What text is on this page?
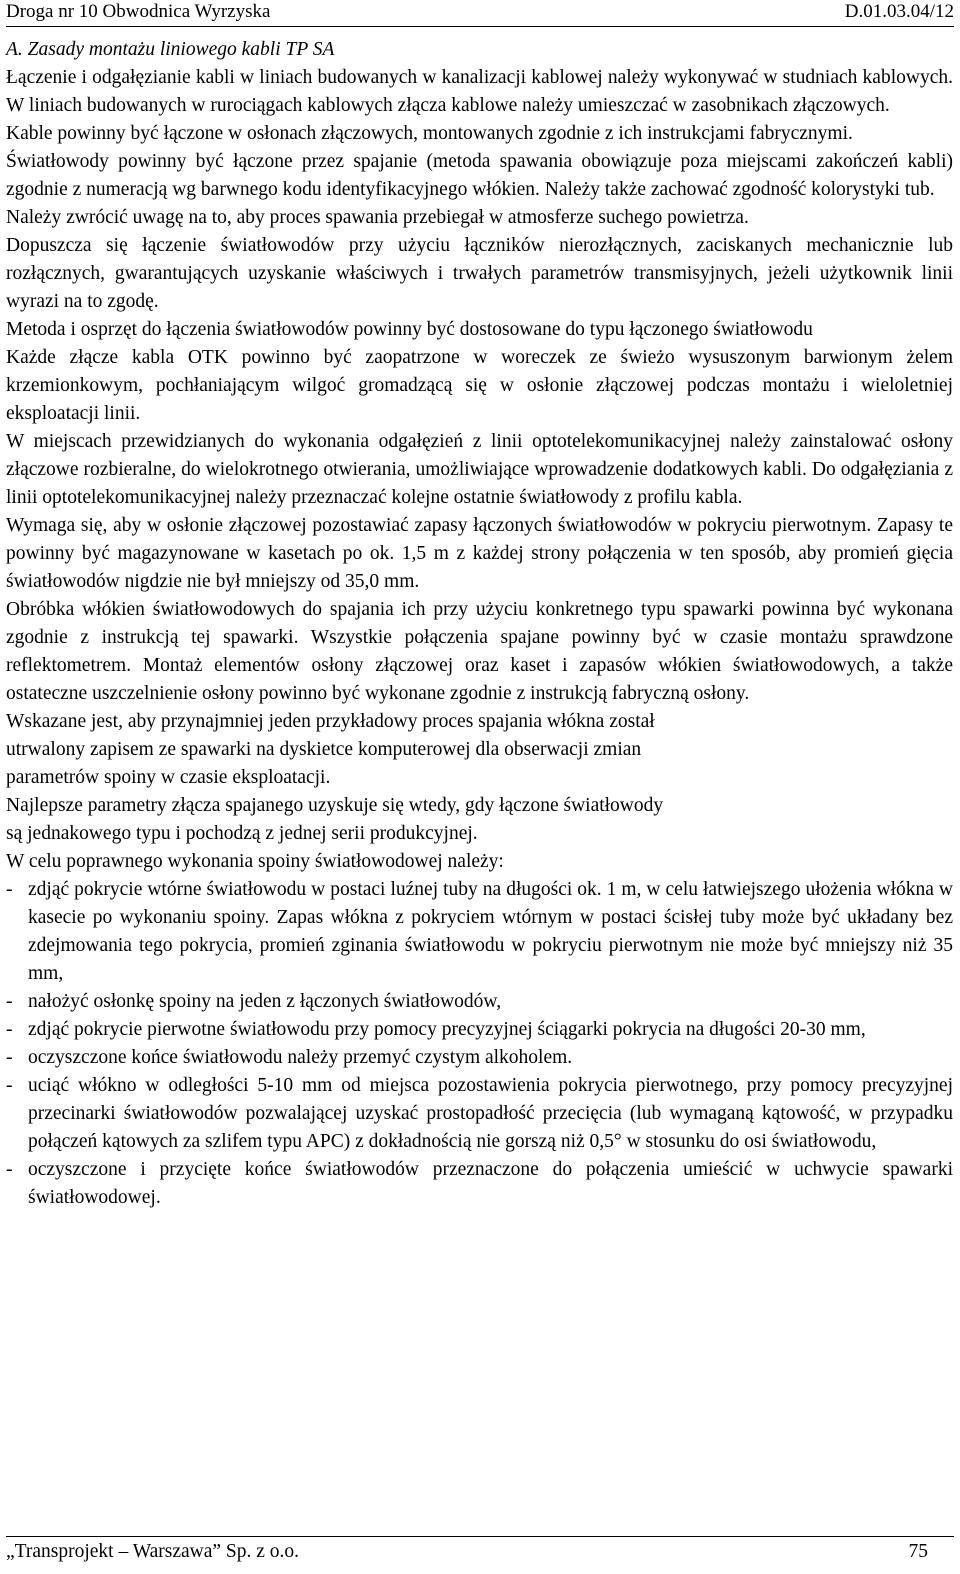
Droga nr 10 Obwodnica Wyrzyska	D.01.03.04/12

A. Zasady montażu liniowego kabli TP SA

Łączenie i odgałęzianie kabli w liniach budowanych w kanalizacji kablowej należy wykonywać w studniach kablowych. W liniach budowanych w rurociągach kablowych złącza kablowe należy umieszczać w zasobnikach złączowych.

Kable powinny być łączone w osłonach złączowych, montowanych zgodnie z ich instrukcjami fabrycznymi.

Światłowody powinny być łączone przez spajanie (metoda spawania obowiązuje poza miejscami zakończeń kabli) zgodnie z numeracją wg barwnego kodu identyfikacyjnego włókien. Należy także zachować zgodność kolorystyki tub.

Należy zwrócić uwagę na to, aby proces spawania przebiegał w atmosferze suchego powietrza.

Dopuszcza się łączenie światłowodów przy użyciu łączników nierozłącznych, zaciskanych mechanicznie lub rozłącznych, gwarantujących uzyskanie właściwych i trwałych parametrów transmisyjnych, jeżeli użytkownik linii wyrazi na to zgodę.

Metoda i osprzęt do łączenia światłowodów powinny być dostosowane do typu łączonego światłowodu

Każde złącze kabla OTK powinno być zaopatrzone w woreczek ze świeżo wysuszonym barwionym żelem krzemionkowym, pochłaniającym wilgoć gromadzącą się w osłonie złączowej podczas montażu i wieloletniej eksploatacji linii.

W miejscach przewidzianych do wykonania odgałęzień z linii optotelekomunikacyjnej należy zainstalować osłony złączowe rozbieralne, do wielokrotnego otwierania, umożliwiające wprowadzenie dodatkowych kabli. Do odgałęziania z linii optotelekomunikacyjnej należy przeznaczać kolejne ostatnie światłowody z profilu kabla.

Wymaga się, aby w osłonie złączowej pozostawiać zapasy łączonych światłowodów w pokryciu pierwotnym. Zapasy te powinny być magazynowane w kasetach po ok. 1,5 m z każdej strony połączenia w ten sposób, aby promień gięcia światłowodów nigdzie nie był mniejszy od 35,0 mm.

Obróbka włókien światłowodowych do spajania ich przy użyciu konkretnego typu spawarki powinna być wykonana zgodnie z instrukcją tej spawarki. Wszystkie połączenia spajane powinny być w czasie montażu sprawdzone reflektometrem. Montaż elementów osłony złączowej oraz kaset i zapasów włókien światłowodowych, a także ostateczne uszczelnienie osłony powinno być wykonane zgodnie z instrukcją fabryczną osłony.

Wskazane jest, aby przynajmniej jeden przykładowy proces spajania włókna został
utrwalony zapisem ze spawarki na dyskietce komputerowej dla obserwacji zmian
parametrów spoiny w czasie eksploatacji.
Najlepsze parametry złącza spajanego uzyskuje się wtedy, gdy łączone światłowody
są jednakowego typu i pochodzą z jednej serii produkcyjnej.

W celu poprawnego wykonania spoiny światłowodowej należy:

- zdjąć pokrycie wtórne światłowodu w postaci luźnej tuby na długości ok. 1 m, w celu łatwiejszego ułożenia włókna w kasecie po wykonaniu spoiny. Zapas włókna z pokryciem wtórnym w postaci ścisłej tuby może być układany bez zdejmowania tego pokrycia, promień zginania światłowodu w pokryciu pierwotnym nie może być mniejszy niż 35 mm,
- nałożyć osłonkę spoiny na jeden z łączonych światłowodów,
- zdjąć pokrycie pierwotne światłowodu przy pomocy precyzyjnej ściągarki pokrycia na długości 20-30 mm,
- oczyszczone końce światłowodu należy przemyć czystym alkoholem.
- uciąć włókno w odległości 5-10 mm od miejsca pozostawienia pokrycia pierwotnego, przy pomocy precyzyjnej przecinarki światłowodów pozwalającej uzyskać prostopadłość przecięcia (lub wymaganą kątowość, w przypadku połączeń kątowych za szlifem typu APC) z dokładnością nie gorszą niż 0,5° w stosunku do osi światłowodu,
- oczyszczone i przycięte końce światłowodów przeznaczone do połączenia umieścić w uchwycie spawarki światłowodowej.
„Transprojekt – Warszawa” Sp. z o.o.	75
